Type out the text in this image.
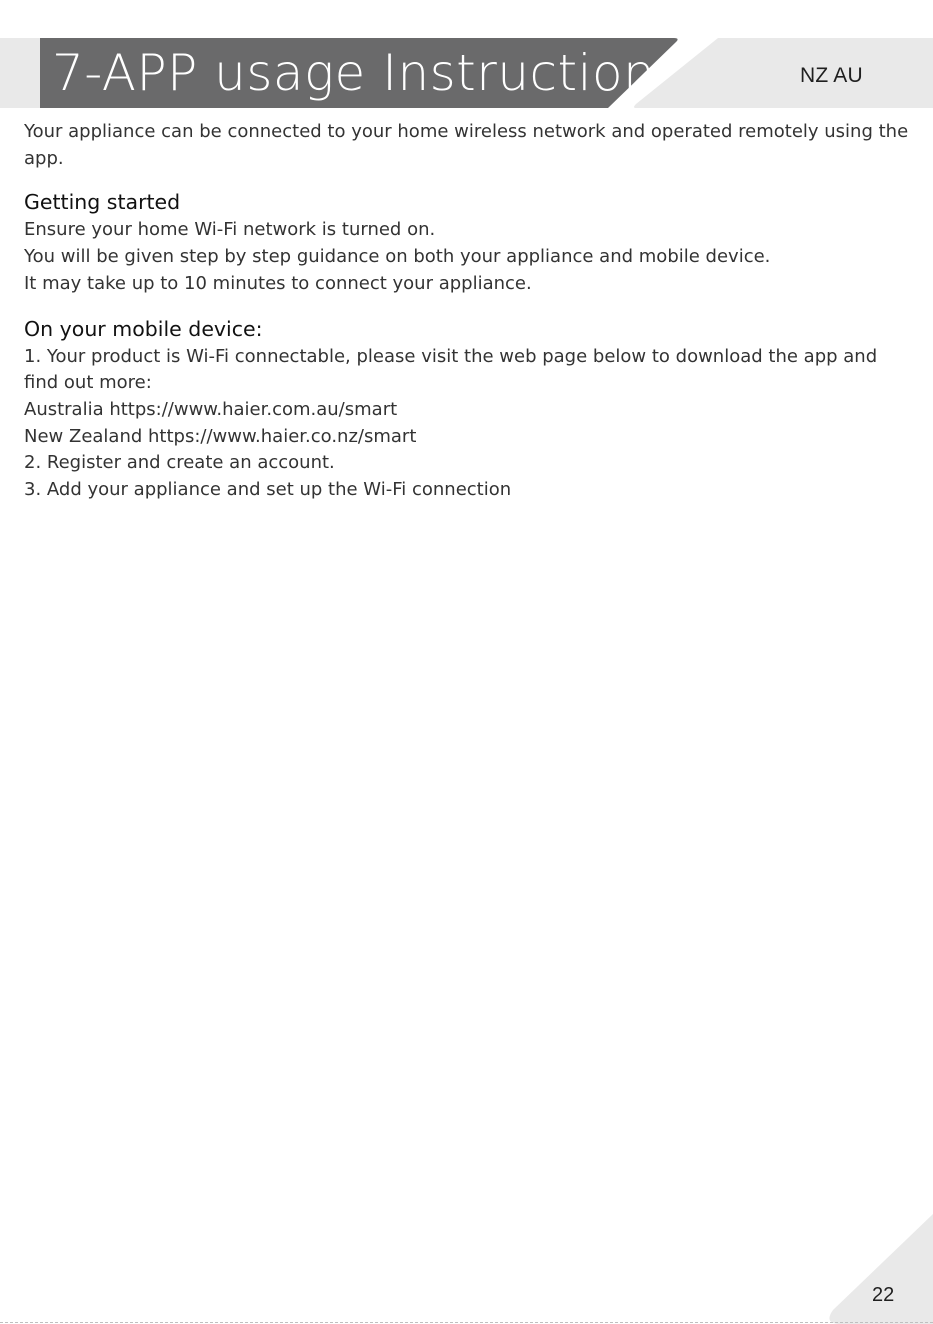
7-APP usage Instruction	NZ AU

Your appliance can be connected to your home wireless network and operated remotely using the app.

Getting started
Ensure your home Wi-Fi network is turned on.
You will be given step by step guidance on both your appliance and mobile device.
It may take up to 10 minutes to connect your appliance.
On your mobile device:
1. Your product is Wi-Fi connectable, please visit the web page below to download the app and find out more:
Australia https://www.haier.com.au/smart
New Zealand https://www.haier.co.nz/smart
2. Register and create an account.
3. Add your appliance and set up the Wi-Fi connection
22
